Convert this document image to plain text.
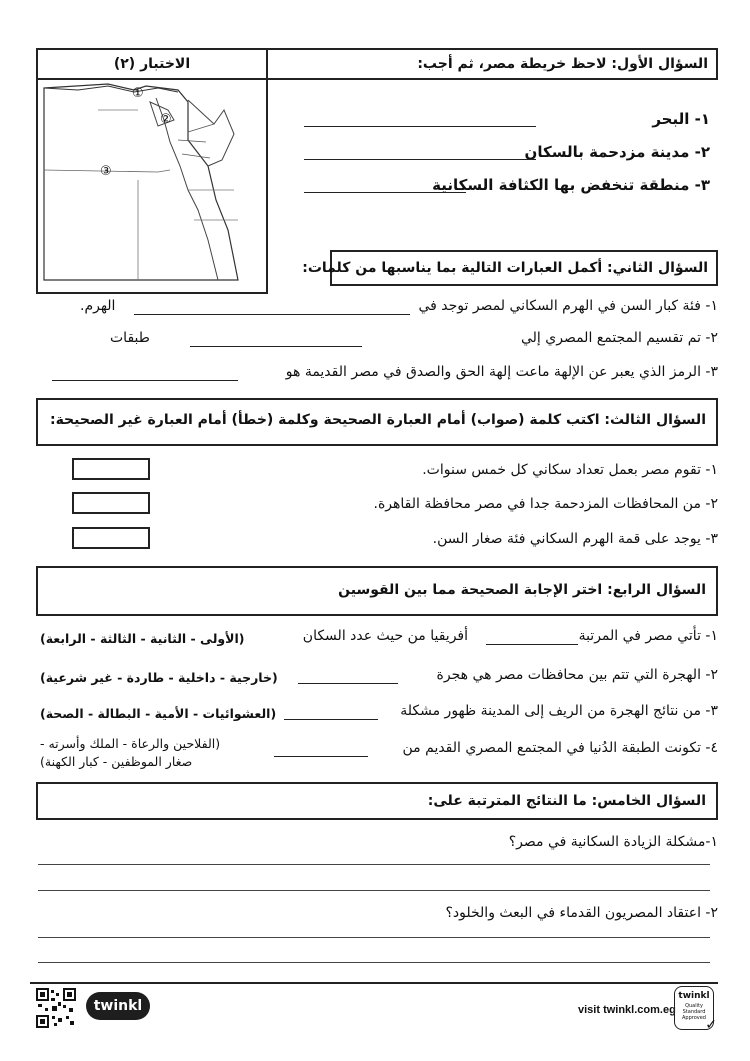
الاختبار (٢)	السؤال الأول: لاحظ خريطة مصر، ثم أجب:
①
②
③
١- البحر
٢- مدينة مزدحمة بالسكان
٣- منطقة تنخفض بها الكثافة السكانية
السؤال الثاني: أكمل العبارات التالية بما يناسبها من كلمات:
١- فئة كبار السن في الهرم السكاني لمصر توجد في
الهرم.
٢- تم تقسيم المجتمع المصري إلي
طبقات
٣- الرمز الذي يعبر عن الإلهة ماعت إلهة الحق والصدق في مصر القديمة هو
السؤال الثالث: اكتب كلمة (صواب) أمام العبارة الصحيحة وكلمة (خطأ) أمام العبارة غير الصحيحة:
١- تقوم مصر بعمل تعداد سكاني كل خمس سنوات.
٢- من المحافظات المزدحمة جدا في مصر محافظة القاهرة.
٣- يوجد على قمة الهرم السكاني فئة صغار السن.
السؤال الرابع: اختر الإجابة الصحيحة مما بين القوسين
١- تأتي مصر في المرتبة
أفريقيا من حيث عدد السكان
(الأولى - الثانية - الثالثة - الرابعة)
٢- الهجرة التي تتم بين محافظات مصر هي هجرة
(خارجية - داخلية - طاردة - غير شرعية)
٣- من نتائج الهجرة من الريف إلى المدينة ظهور مشكلة
(العشوائيات - الأمية - البطالة - الصحة)
٤- تكونت الطبقة الدُنيا في المجتمع المصري القديم من
(الفلاحين والرعاة - الملك وأسرته -
صغار الموظفين - كبار الكهنة)
السؤال الخامس: ما النتائج المترتبة على:
١-مشكلة الزيادة السكانية في مصر؟
٢- اعتقاد المصريون القدماء في البعث والخلود؟
twinkl	visit twinkl.com.eg
twinkl
Quality Standard Approved ✓
